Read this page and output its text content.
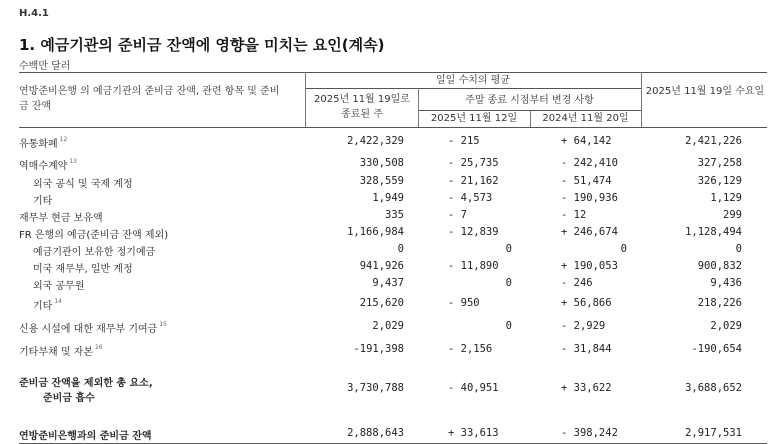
H.4.1
1. 예금기관의 준비금 잔액에 영향을 미치는 요인(계속)
수백만 달러
연방준비은행 의 예금기관의 준비금 잔액, 관련 항목 및 준비금 잔액
일일 수치의 평균
2025년 11월 19일로 종료된 주
주말 종료 시점부터 변경 사항
2025년 11월 12일	2024년 11월 20일
2025년 11월 19일 수요일
유통화폐 $^{12}$	2,422,329	- 215	+ 64,142	2,421,226
역매수계약 $^{13}$	330,508	- 25,735	- 242,410	327,258
외국 공식 및 국제 계정	328,559	- 21,162	- 51,474	326,129
기타	1,949	- 4,573	- 190,936	1,129
재무부 현금 보유액	335	- 7	- 12	299
FR 은행의 예금(준비금 잔액 제외)	1,166,984	- 12,839	+ 246,674	1,128,494
예금기관이 보유한 정기예금	0	0	0	0
미국 재무부, 일반 계정	941,926	- 11,890	+ 190,053	900,832
외국 공무원	9,437	0	- 246	9,436
기타 $^{14}$	215,620	- 950	+ 56,866	218,226
신용 시설에 대한 재무부 기여금 $^{15}$	2,029	0	- 2,929	2,029
기타부채 및 자본 $^{16}$	-191,398	- 2,156	- 31,844	-190,654
준비금 잔액을 제외한 총 요소,
준비금 흡수
3,730,788	- 40,951	+ 33,622	3,688,652
연방준비은행과의 준비금 잔액	2,888,643	+ 33,613	- 398,242	2,917,531
